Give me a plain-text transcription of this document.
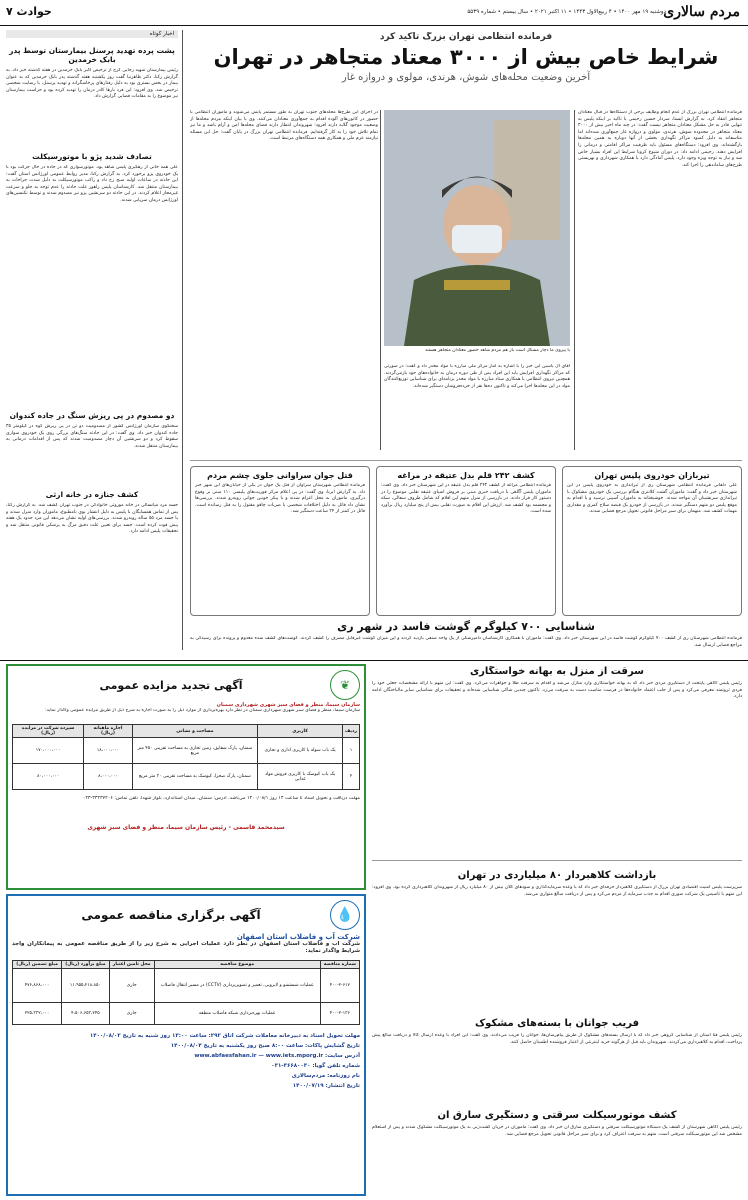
مردم سالاری
دوشنبه ۱۹ مهر ۱۴۰۰ • ۴ ربیع‌الاول ۱۴۴۳ • ۱۱ اکتبر ۲۰۲۱ • سال بیستم • شماره ۵۵۳۹
حوادث ۷
اخبار کوتاه
پشت پرده تهدید پرسنل بیمارستان توسط پدر بابک خرمدین
رئیس بیمارستان شهید رجایی کرج از ترخیص اکبر بابک خرمدین در هفته گذشته خبر داد. به گزارش رکنا، دکتر ظاهرنیا گفت روز یکشنبه هفته گذشته پدر بابک خرمدین که به عنوان بیمار در بخش بستری بود به دلیل رفتارهای پرخاشگرانه و تهدید پرسنل، با رضایت شخصی ترخیص شد. وی افزود: این فرد بارها کادر درمان را تهدید کرده بود و حراست بیمارستان نیز موضوع را به مقامات قضایی گزارش داد.
تصادف شدید پژو با موتورسیکلت
علی همه خانی از رهگیری پلیس شاهد بود. موتورسواری که در جاده در حال حرکت بود با یک خودروی پژو برخورد کرد. به گزارش رکنا، مدیر روابط عمومی اورژانس استان گفت: این حادثه در ساعات اولیه صبح رخ داد و راکب موتورسیکلت به دلیل شدت جراحات به بیمارستان منتقل شد. کارشناسان پلیس راهور علت حادثه را عدم توجه به جلو و سرعت غیرمجاز اعلام کردند. در این حادثه دو سرنشین پژو نیز مصدوم شدند و توسط تکنسین‌های اورژانس درمان سرپایی شدند.
دو مصدوم در پی ریزش سنگ در جاده کندوان
سخنگوی سازمان اورژانس کشور از مصدومیت دو تن در پی ریزش کوه در کیلومتر ۳۵ جاده کندوان خبر داد. وی گفت: در این حادثه سنگ‌های بزرگی روی یک خودروی سواری سقوط کرد و دو سرنشین آن دچار مصدومیت شدند که پس از اقدامات درمانی به بیمارستان منتقل شدند.
کشف جنازه در خانه ارثی
جسد مرد میانسالی در خانه موروثی خانوادگی در جنوب تهران کشف شد. به گزارش رکنا، پس از تماس همسایگان با پلیس به دلیل انتشار بوی نامطبوع، ماموران وارد منزل شدند و با جسد مرد ۵۵ ساله روبه‌رو شدند. بررسی‌های اولیه نشان می‌دهد این مرد حدود یک هفته پیش فوت کرده است. جسد برای تعیین علت دقیق مرگ به پزشکی قانونی منتقل شد و تحقیقات پلیس ادامه دارد.
فرمانده انتظامی تهران بزرگ تاکید کرد
شرایط خاص بیش از ۳۰۰۰ معتاد متجاهر در تهران
آخرین وضعیت محله‌های شوش، هرندی، مولوی و دروازه غار
فرمانده انتظامی تهران بزرگ از عدم انجام وظایف برخی از دستگاه‌ها در قبال معتادان متجاهر انتقاد کرد. به گزارش ایسنا، سردار حسین رحیمی با تاکید بر اینکه پلیس به تنهایی قادر به حل مشکل معتادان متجاهر نیست گفت: در چند ماه اخیر بیش از ۳۰۰۰ معتاد متجاهر در محدوده شوش، هرندی، مولوی و دروازه غار جمع‌آوری شده‌اند اما متاسفانه به دلیل کمبود مراکز نگهداری بخشی از آنها دوباره به همین محله‌ها بازگشته‌اند. وی افزود: دستگاه‌های مسئول باید ظرفیت مراکز اقامتی و درمانی را افزایش دهند. رحیمی ادامه داد: در دوران شیوع کرونا شرایط این افراد بسیار خاص شد و نیاز به توجه ویژه وجود دارد. پلیس آمادگی دارد با همکاری شهرداری و بهزیستی طرح‌های ساماندهی را اجرا کند.
با پیروی ما دچار مشکل است باز هم مردم شاهد حضور معتادان متجاهر هستند
در اجرای این طرح‌ها محله‌های جنوب تهران به طور مستمر پایش می‌شوند و ماموران انتظامی با حضور در کانون‌های آلوده اقدام به جمع‌آوری معتادان می‌کنند. وی با بیان اینکه مردم محله‌ها از وضعیت موجود گلایه دارند افزود: شهروندان انتظار دارند فضای محله‌ها امن و آرام باشد و ما نیز تمام تلاش خود را به کار گرفته‌ایم. فرمانده انتظامی تهران بزرگ در پایان گفت: حل این مسئله نیازمند عزم ملی و همکاری همه دستگاه‌های مرتبط است.
آقای آل یاسین این خبر را با اشاره به آمار مرکز ملی مبارزه با مواد مخدر داد و گفت: در صورتی که مراکز نگهداری افزایش یابد این افراد پس از طی دوره درمان به خانواده‌های خود بازمی‌گردند. همچنین نیروی انتظامی با همکاری ستاد مبارزه با مواد مخدر برنامه‌ای برای شناسایی توزیع‌کنندگان مواد در این محله‌ها اجرا می‌کند و تاکنون ده‌ها نفر از خرده‌فروشان دستگیر شده‌اند.
تیربازان خودروی پلیس تهران
علی دلفانی فرمانده انتظامی شهرستان ری از تیراندازی به خودروی پلیس در این شهرستان خبر داد و گفت: ماموران گشت کلانتری هنگام بررسی یک خودروی مشکوک با تیراندازی سرنشینان آن مواجه شدند. خوشبختانه به ماموران آسیبی نرسید و با اقدام به موقع پلیس دو متهم دستگیر شدند. در بازرسی از خودرو یک قبضه سلاح کمری و مقداری مهمات کشف شد. متهمان برای سیر مراحل قانونی تحویل مرجع قضایی شدند.
کشف ۲۴۲ قلم بدل عتیقه در مراغه
فرمانده انتظامی مراغه از کشف ۲۴۲ قلم بدل عتیقه در این شهرستان خبر داد. وی گفت: ماموران پلیس آگاهی با دریافت خبری مبنی بر فروش اشیای عتیقه تقلبی موضوع را در دستور کار قرار دادند. در بازرسی از منزل متهم این اقلام که شامل ظروف سفالی، سکه و مجسمه بود کشف شد. ارزش این اقلام به صورت تقلبی بیش از پنج میلیارد ریال برآورد شده است.
قتل جوان سراوانی جلوی چشم مردم
فرمانده انتظامی شهرستان سراوان از قتل یک جوان در یکی از خیابان‌های این شهر خبر داد. به گزارش ایرنا، وی گفت: در پی اعلام مرکز فوریت‌های پلیسی ۱۱۰ مبنی بر وقوع درگیری، ماموران به محل اعزام شدند و با پیکر خونین جوانی روبه‌رو شدند. بررسی‌ها نشان داد قاتل به دلیل اختلافات شخصی با ضربات چاقو مقتول را به قتل رسانده است. قاتل در کمتر از ۲۴ ساعت دستگیر شد.
شناسایی ۷۰۰ کیلوگرم گوشت فاسد در شهر ری
فرمانده انتظامی شهرستان ری از کشف ۷۰۰ کیلوگرم گوشت فاسد در این شهرستان خبر داد. وی گفت: ماموران با همکاری کارشناسان دامپزشکی از یک واحد صنفی بازدید کردند و این میزان گوشت غیرقابل مصرف را کشف کردند. گوشت‌های کشف شده معدوم و پرونده برای رسیدگی به مراجع قضایی ارسال شد.
سرقت از منزل به بهانه خواستگاری
رئیس پلیس آگاهی پایتخت از دستگیری مردی خبر داد که به بهانه خواستگاری وارد منازل می‌شد و اقدام به سرقت طلا و جواهرات می‌کرد. وی گفت: این متهم با ارائه مشخصات جعلی خود را فردی ثروتمند معرفی می‌کرد و پس از جلب اعتماد خانواده‌ها در فرصت مناسب دست به سرقت می‌زد. تاکنون چندین شاکی شناسایی شده‌اند و تحقیقات برای شناسایی سایر مالباختگان ادامه دارد.
بازداشت کلاهبردار ۸۰ میلیاردی در تهران
سرپرست پلیس امنیت اقتصادی تهران بزرگ از دستگیری کلاهبردار حرفه‌ای خبر داد که با وعده سرمایه‌گذاری و سودهای کلان بیش از ۸۰ میلیارد ریال از شهروندان کلاهبرداری کرده بود. وی افزود: این متهم با تاسیس یک شرکت صوری اقدام به جذب سرمایه از مردم می‌کرد و پس از دریافت مبالغ متواری می‌شد.
فریب جوانان با بسته‌های مشکوک
رئیس پلیس فتا استان از شناسایی گروهی خبر داد که با ارسال بسته‌های مشکوک از طریق پیام‌رسان‌ها، جوانان را فریب می‌دادند. وی گفت: این افراد با وعده ارسال کالا و دریافت مبالغ پیش پرداخت، اقدام به کلاهبرداری می‌کردند. شهروندان باید قبل از هرگونه خرید اینترنتی از اعتبار فروشنده اطمینان حاصل کنند.
کشف موتورسیکلت سرقتی و دستگیری سارق آن
رئیس پلیس آگاهی شهرستان از کشف یک دستگاه موتورسیکلت سرقتی و دستگیری سارق آن خبر داد. وی گفت: ماموران در جریان گشت‌زنی به یک موتورسیکلت مشکوک شدند و پس از استعلام مشخص شد این موتورسیکلت سرقتی است. متهم به سرقت اعتراف کرد و برای سیر مراحل قانونی تحویل مرجع قضایی شد.
❦
آگهی تجدید مزایده عمومی
سازمان سیما، منظر و فضای سبز شهری شهرداری سمنان
سازمان سیما، منظر و فضای سبز شهری شهرداری سمنان در نظر دارد بهره‌برداری از موارد ذیل را به صورت اجاره به شرح ذیل از طریق مزایده عمومی واگذار نماید:
ردیف	کاربری	مساحت و نشانی	اجاره ماهیانه (ریال)	سپرده شرکت در مزایده (ریال)
۱	یک باب سوله با کاربری اداری و تجاری	سمنان، پارک شقایق، زمین تجاری به مساحت تقریبی ۴۵۰ متر مربع	۱۸،۰۰۰،۰۰۰	۱۷۰،۰۰۰،۰۰۰
۲	یک باب کیوسک با کاربری فروش مواد غذایی	سمنان، پارک صحرا، کیوسک به مساحت تقریبی ۳۰ متر مربع	۸،۰۰۰،۰۰۰	۸۰،۰۰۰،۰۰۰
مهلت دریافت و تحویل اسناد تا ساعت ۱۴ روز ۱۴۰۰/۰۸/۱ می‌باشد. آدرس: سمنان، میدان استاندارد، بلوار شهدا. تلفن تماس: ۳۳۴۳۷۲۰۶-۰۲۳
سیدمحمد قاسمی - رئیس سازمان سیما، منظر و فضای سبز شهری
💧
آگهی برگزاری مناقصه عمومی
شرکت آب و فاضلاب استان اصفهان
شرکت آب و فاضلاب استان اصفهان در نظر دارد عملیات اجرایی به شرح زیر را از طریق مناقصه عمومی به پیمانکاران واجد شرایط واگذار نماید:
شماره مناقصه	موضوع مناقصه	محل تامین اعتبار	مبلغ برآورد (ریال)	مبلغ تضمین (ریال)
۴۰۰-۲-۶۱۷	عملیات شستشو و لایروبی، تعمیر و تصویربرداری (CCTV) در مسیر انتقال فاضلاب	جاری	۱۱،۹۵۵،۲۱۸،۸۵۰	۴۷۶،۸۶۸،۰۰۰
۴۰۰-۲-۱۳۶	عملیات بهره‌برداری شبکه فاضلاب منطقه	جاری	۴،۵۰۶،۶۵۳،۲۴۵	۲۲۵،۳۳۲،۰۰۰
مهلت تحویل اسناد به دبیرخانه معاملات شرکت اتاق ۲۹۲: ساعت ۱۳:۰۰ روز شنبه به تاریخ ۱۴۰۰/۰۸/۰۲
تاریخ گشایش پاکات: ساعت ۸:۰۰ صبح روز یکشنبه به تاریخ ۱۴۰۰/۰۸/۰۴
آدرس سایت: www.abfaesfahan.ir — www.iets.mporg.ir
شماره تلفن گویا: ۳۶۶۸۰۰۳۰-۰۳۱
نام روزنامه: مردم‌سالاری
تاریخ انتشار: ۱۴۰۰/۰۷/۱۹
